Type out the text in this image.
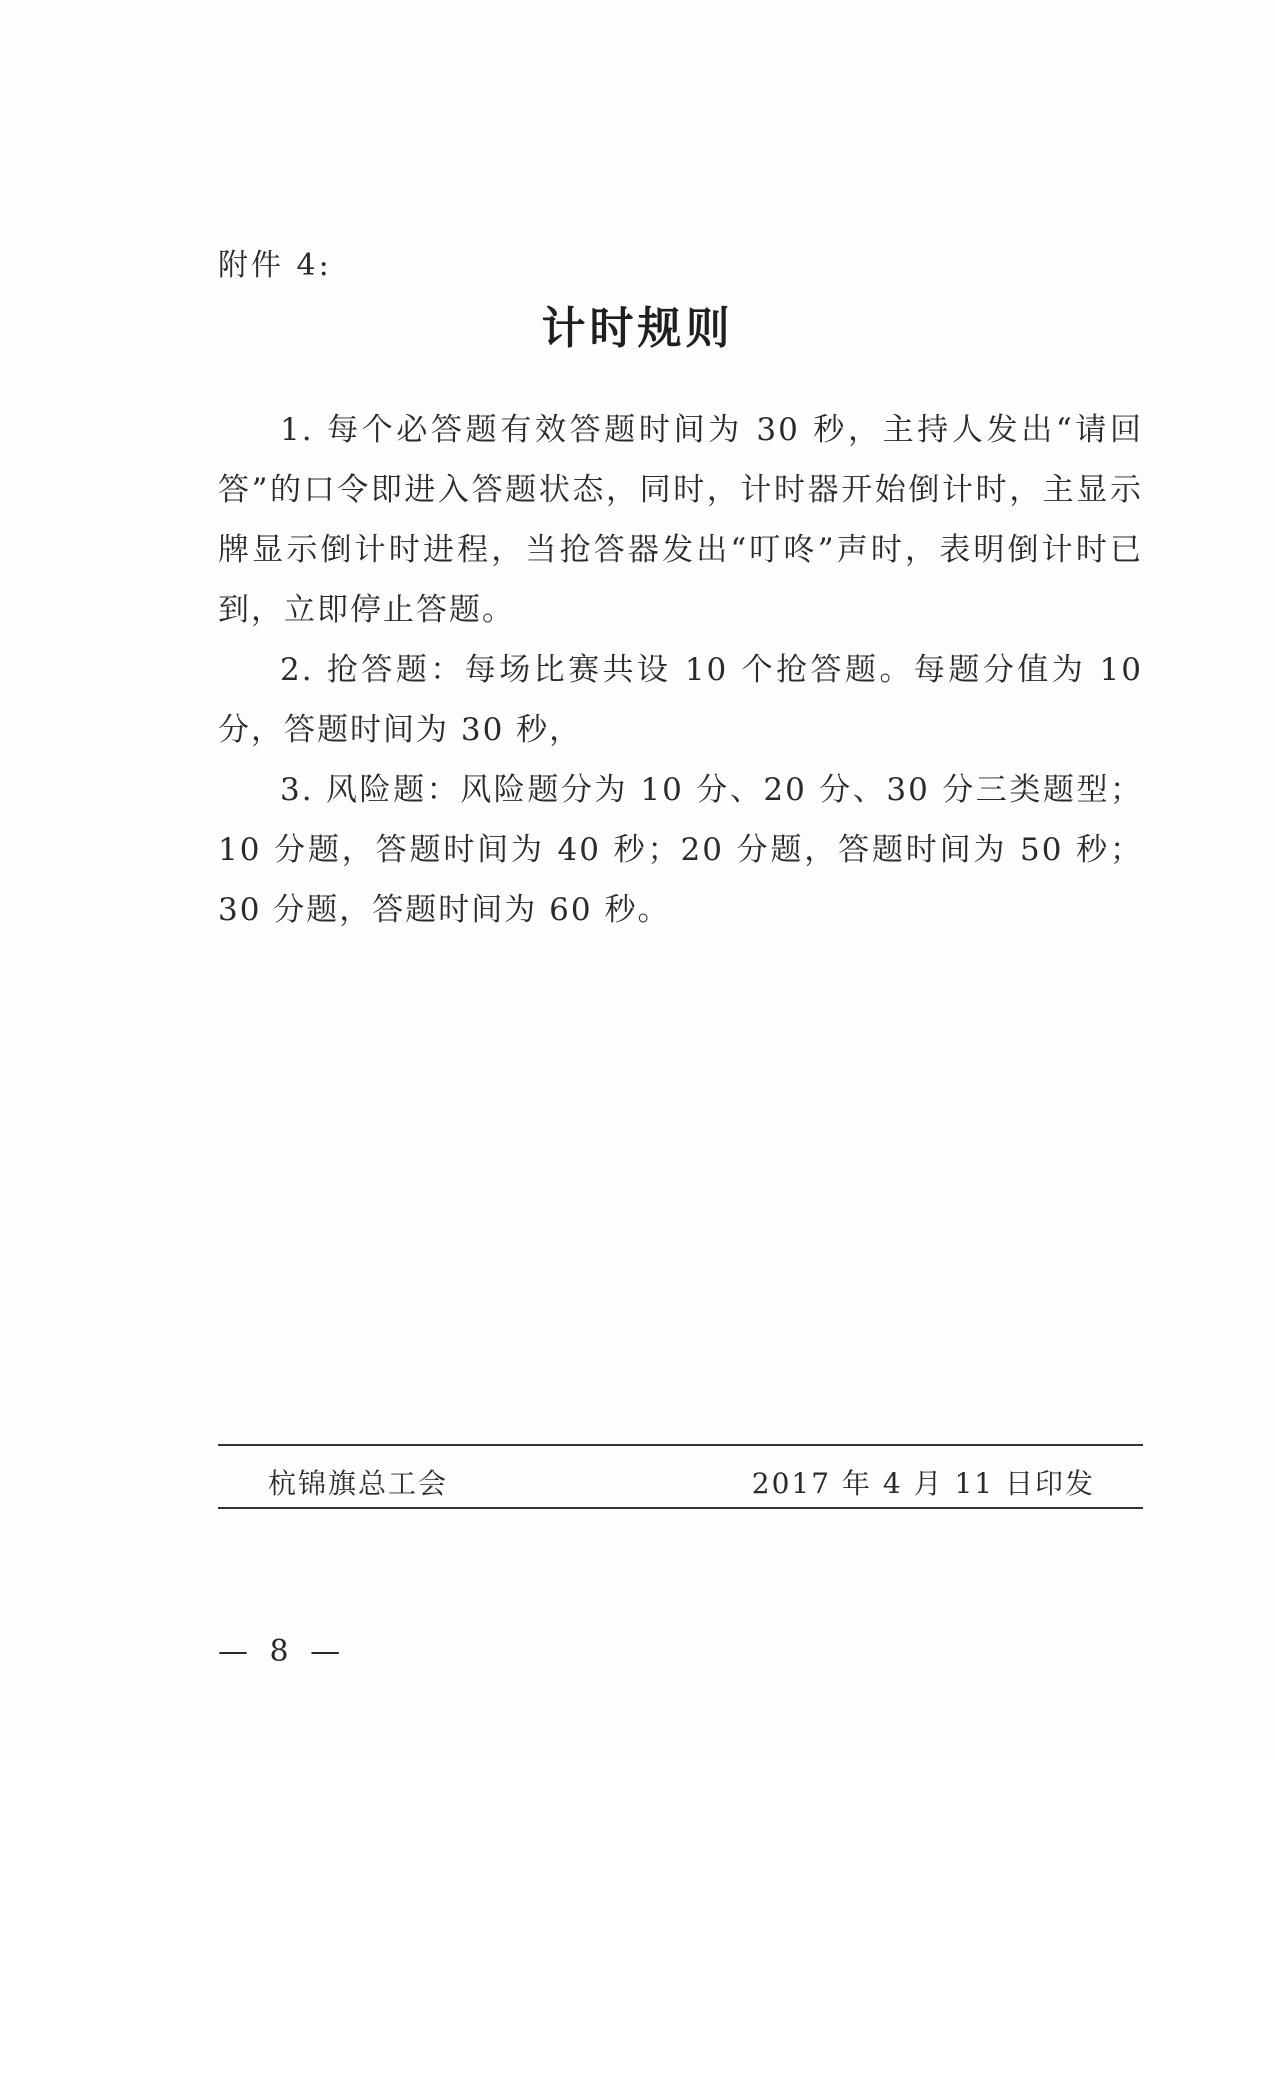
附件 4:
计时规则

1. 每个必答题有效答题时间为 30 秒，主持人发出“请回答”的口令即进入答题状态，同时，计时器开始倒计时，主显示牌显示倒计时进程，当抢答器发出“叮咚”声时，表明倒计时已到，立即停止答题。

2. 抢答题：每场比赛共设 10 个抢答题。每题分值为 10 分，答题时间为 30 秒，

3. 风险题：风险题分为 10 分、20 分、30 分三类题型；10 分题，答题时间为 40 秒；20 分题，答题时间为 50 秒；30 分题，答题时间为 60 秒。

杭锦旗总工会	2017 年 4 月 11 日印发
— 8 —
